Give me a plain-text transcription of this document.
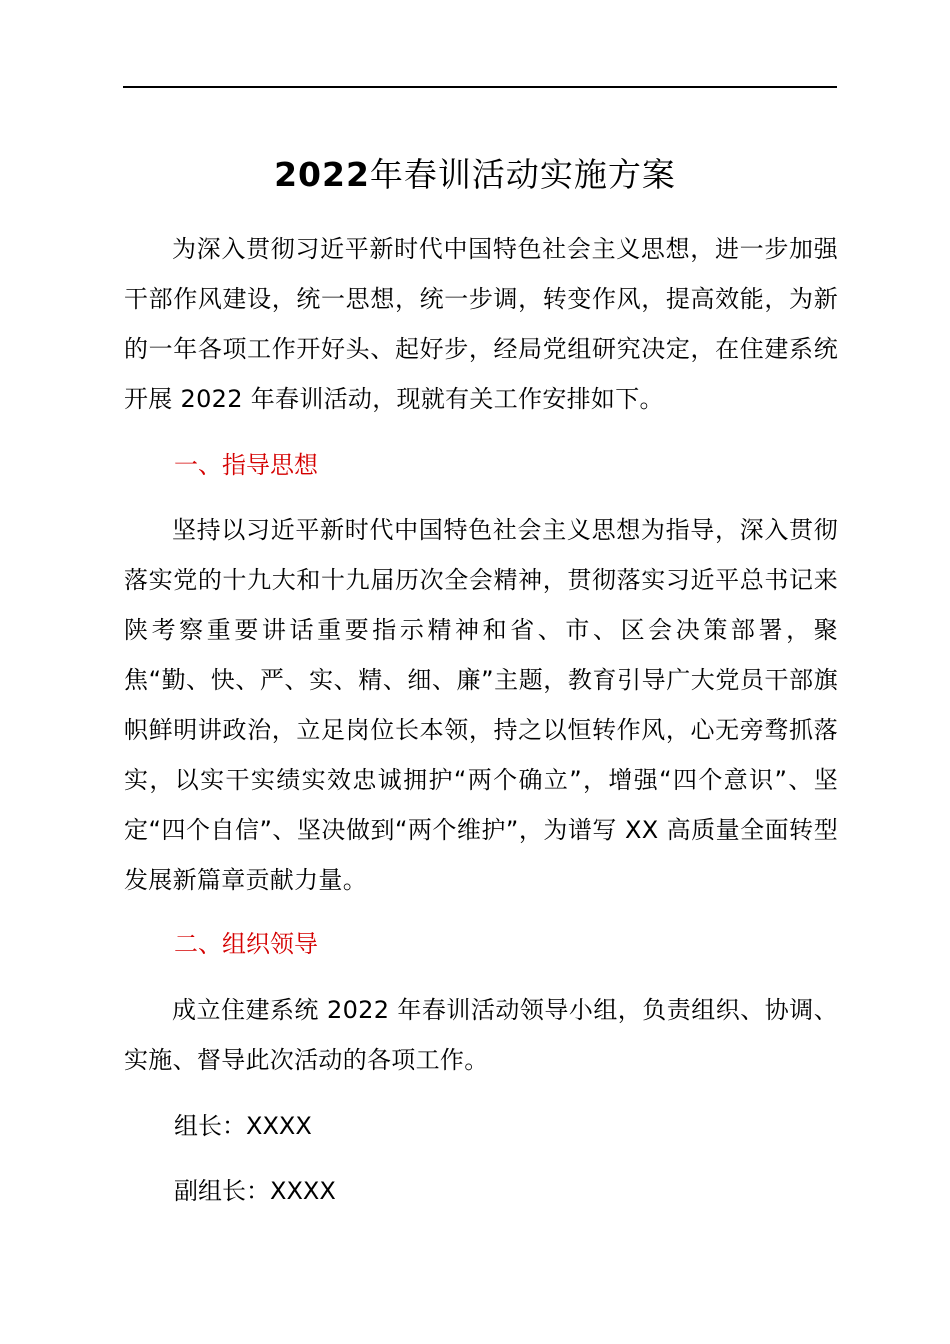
2022年春训活动实施方案
为深入贯彻习近平新时代中国特色社会主义思想，进一步加强干部作风建设，统一思想，统一步调，转变作风，提高效能，为新的一年各项工作开好头、起好步，经局党组研究决定，在住建系统开展 2022 年春训活动，现就有关工作安排如下。
一、指导思想
坚持以习近平新时代中国特色社会主义思想为指导，深入贯彻落实党的十九大和十九届历次全会精神，贯彻落实习近平总书记来陕考察重要讲话重要指示精神和省、市、区会决策部署，聚焦“勤、快、严、实、精、细、廉”主题，教育引导广大党员干部旗帜鲜明讲政治，立足岗位长本领，持之以恒转作风，心无旁骛抓落实，以实干实绩实效忠诚拥护“两个确立”，增强“四个意识”、坚定“四个自信”、坚决做到“两个维护”，为谱写 XX 高质量全面转型发展新篇章贡献力量。
二、组织领导
成立住建系统 2022 年春训活动领导小组，负责组织、协调、实施、督导此次活动的各项工作。
组长：XXXX
副组长：XXXX
